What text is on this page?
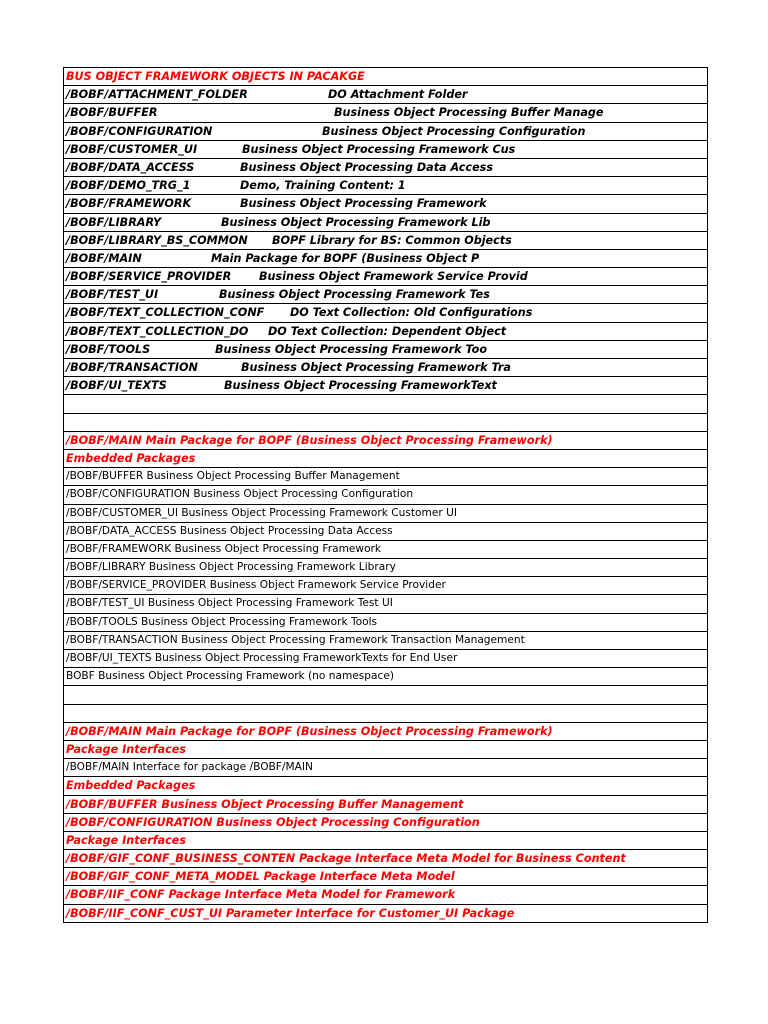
BUS OBJECT FRAMEWORK OBJECTS IN PACAKGE
/BOBF/ATTACHMENT_FOLDER	DO Attachment Folder
/BOBF/BUFFER	Business Object Processing Buffer Manage
/BOBF/CONFIGURATION	Business Object Processing Configuration
/BOBF/CUSTOMER_UI	Business Object Processing Framework Cus
/BOBF/DATA_ACCESS	Business Object Processing Data Access
/BOBF/DEMO_TRG_1	Demo, Training Content: 1
/BOBF/FRAMEWORK	Business Object Processing Framework
/BOBF/LIBRARY	Business Object Processing Framework Lib
/BOBF/LIBRARY_BS_COMMON BOPF Library for BS: Common Objects
/BOBF/MAIN	Main Package for BOPF (Business Object P
/BOBF/SERVICE_PROVIDER Business Object Framework Service Provid
/BOBF/TEST_UI	Business Object Processing Framework Tes
/BOBF/TEXT_COLLECTION_CONF DO Text Collection: Old Configurations
/BOBF/TEXT_COLLECTION_DO DO Text Collection: Dependent Object
/BOBF/TOOLS	Business Object Processing Framework Too
/BOBF/TRANSACTION	Business Object Processing Framework Tra
/BOBF/UI_TEXTS	Business Object Processing FrameworkText
/BOBF/MAIN Main Package for BOPF (Business Object Processing Framework)
Embedded Packages
/BOBF/BUFFER Business Object Processing Buffer Management
/BOBF/CONFIGURATION Business Object Processing Configuration
/BOBF/CUSTOMER_UI Business Object Processing Framework Customer UI
/BOBF/DATA_ACCESS Business Object Processing Data Access
/BOBF/FRAMEWORK Business Object Processing Framework
/BOBF/LIBRARY Business Object Processing Framework Library
/BOBF/SERVICE_PROVIDER Business Object Framework Service Provider
/BOBF/TEST_UI Business Object Processing Framework Test UI
/BOBF/TOOLS Business Object Processing Framework Tools
/BOBF/TRANSACTION Business Object Processing Framework Transaction Management
/BOBF/UI_TEXTS Business Object Processing FrameworkTexts for End User
BOBF Business Object Processing Framework (no namespace)
/BOBF/MAIN Main Package for BOPF (Business Object Processing Framework)
Package Interfaces
/BOBF/MAIN Interface for package /BOBF/MAIN
Embedded Packages
/BOBF/BUFFER Business Object Processing Buffer Management
/BOBF/CONFIGURATION Business Object Processing Configuration
Package Interfaces
/BOBF/GIF_CONF_BUSINESS_CONTEN Package Interface Meta Model for Business Content
/BOBF/GIF_CONF_META_MODEL Package Interface Meta Model
/BOBF/IIF_CONF Package Interface Meta Model for Framework
/BOBF/IIF_CONF_CUST_UI Parameter Interface for Customer_UI Package
